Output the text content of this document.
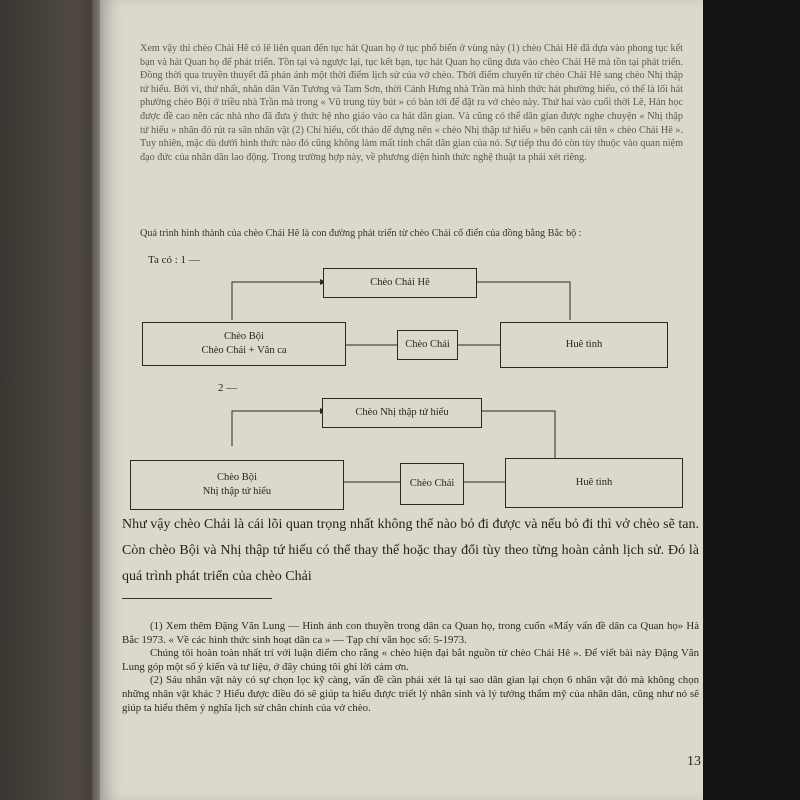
Xem vậy thì chèo Chải Hê có lẽ liên quan đến tục hát Quan họ ở tục phổ biến ở vùng này (1) chèo Chải Hê đã dựa vào phong tục kết bạn và hát Quan họ để phát triển. Tồn tại và ngược lại, tục kết bạn, tục hát Quan họ cũng đưa vào chèo Chải Hê mà tồn tại phát triển. Đồng thời qua truyền thuyết đã phản ánh một thời điểm lịch sử của vở chèo. Thời điểm chuyển từ chèo Chải Hê sang chèo Nhị thập tứ hiếu. Bởi vì, thứ nhất, nhân dân Văn Tương và Tam Sơn, thời Cảnh Hưng nhà Trần mà hình thức hát phường hiếu, có thể là lối hát phường chèo Bội ở triều nhà Trần mà trong « Vũ trung tùy bút » có bàn tới để đặt ra vở chèo này. Thứ hai vào cuối thời Lê, Hán học được đề cao nên các nhà nho đã đưa ý thức hệ nho giáo vào ca hát dân gian. Và cũng có thể dân gian được nghe chuyện « Nhị thập tứ hiếu » nhân đó rút ra sân nhân vật (2) Chí hiếu, cốt thảo để dựng nên « chèo Nhị thập tứ hiếu » bên cạnh cái tên « chèo Chải Hê ». Tuy nhiên, mặc dù dưới hình thức nào đó cũng không làm mất tính chất dân gian của nó. Sự tiếp thu đó còn tùy thuộc vào quan niệm đạo đức của nhân dân lao động. Trong trường hợp này, về phương diện hình thức nghệ thuật ta phải xét riêng.
Quá trình hình thành của chèo Chải Hê là con đường phát triển từ chèo Chải cổ điển của đồng bằng Bắc bộ :
Ta có : 1 —
Chèo Chải Hê
Chèo Bội
Chèo Chải + Vân ca
Chèo Chải	Huê tình
2 —
Chèo Nhị thập tứ hiếu
Chèo Bội
Nhị thập tứ hiếu
Chèo Chải	Huê tình
Như vậy chèo Chải là cái lõi quan trọng nhất không thể nào bỏ đi được và nếu bỏ đi thì vở chèo sẽ tan. Còn chèo Bội và Nhị thập tứ hiếu có thể thay thế hoặc thay đổi tùy theo từng hoàn cảnh lịch sử. Đó là quá trình phát triển của chèo Chải

(1) Xem thêm Đặng Văn Lung — Hình ảnh con thuyền trong dân ca Quan họ, trong cuốn «Mấy vấn đề dân ca Quan họ» Hà Bắc 1973. « Về các hình thức sinh hoạt dân ca » — Tạp chí văn học số: 5-1973.

Chúng tôi hoàn toàn nhất trí với luận điểm cho rằng « chèo hiện đại bắt nguồn từ chèo Chải Hê ». Để viết bài này Đặng Văn Lung góp một số ý kiến và tư liệu, ở đây chúng tôi ghi lời cảm ơn.

(2) Sáu nhân vật này có sự chọn lọc kỹ càng, vấn đề cần phải xét là tại sao dân gian lại chọn 6 nhân vật đó mà không chọn những nhân vật khác ? Hiểu được điều đó sẽ giúp ta hiểu được triết lý nhân sinh và lý tưởng thẩm mỹ của nhân dân, cũng như nó sẽ giúp ta hiểu thêm ý nghĩa lịch sử chân chính của vở chèo.

13
